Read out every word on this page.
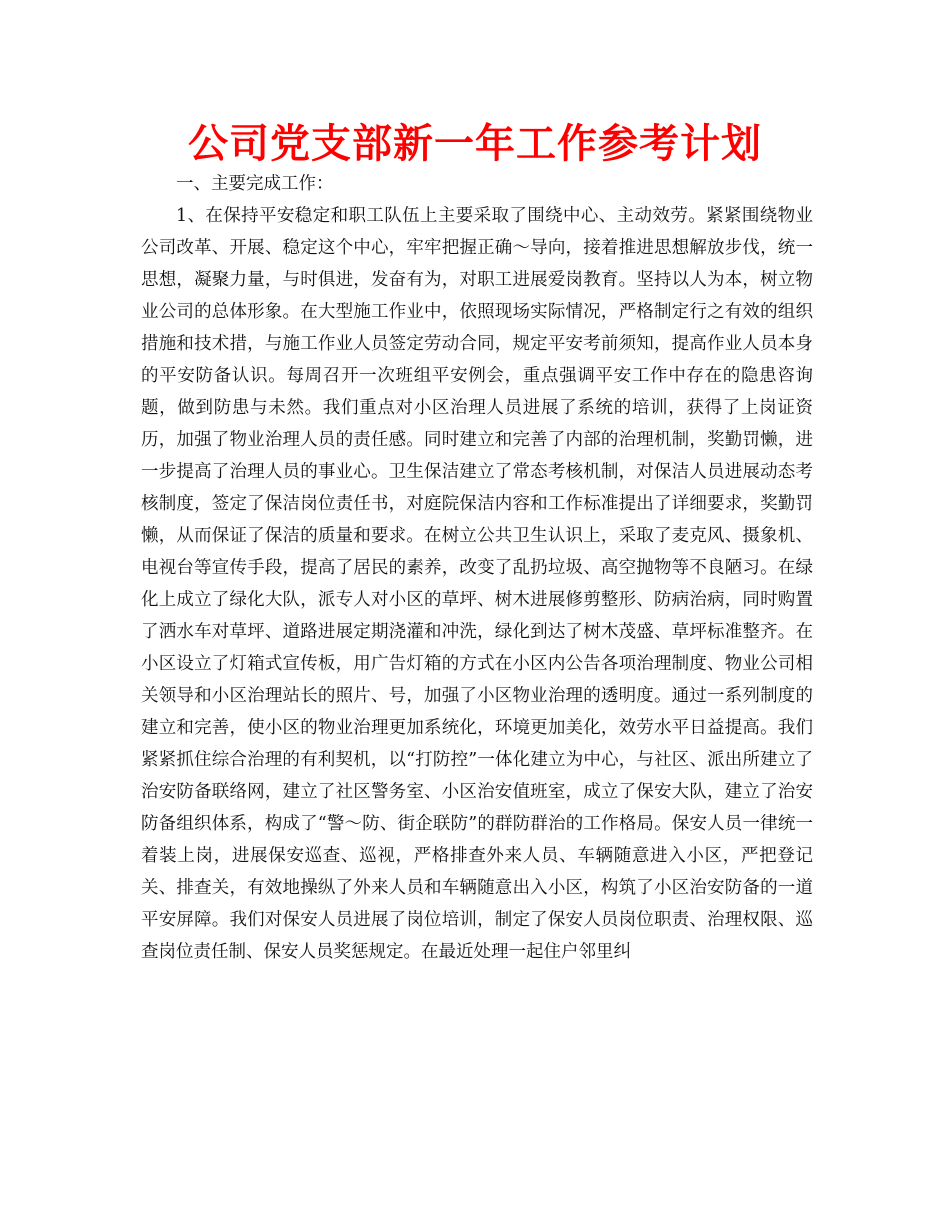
公司党支部新一年工作参考计划

一、主要完成工作：

1、在保持平安稳定和职工队伍上主要采取了围绕中心、主动效劳。紧紧围绕物业公司改革、开展、稳定这个中心，牢牢把握正确～导向，接着推进思想解放步伐，统一思想，凝聚力量，与时俱进，发奋有为，对职工进展爱岗教育。坚持以人为本，树立物业公司的总体形象。在大型施工作业中，依照现场实际情况，严格制定行之有效的组织措施和技术措，与施工作业人员签定劳动合同，规定平安考前须知，提高作业人员本身的平安防备认识。每周召开一次班组平安例会，重点强调平安工作中存在的隐患咨询题，做到防患与未然。我们重点对小区治理人员进展了系统的培训，获得了上岗证资历，加强了物业治理人员的责任感。同时建立和完善了内部的治理机制，奖勤罚懒，进一步提高了治理人员的事业心。卫生保洁建立了常态考核机制，对保洁人员进展动态考核制度，签定了保洁岗位责任书，对庭院保洁内容和工作标准提出了详细要求，奖勤罚懒，从而保证了保洁的质量和要求。在树立公共卫生认识上，采取了麦克风、摄象机、电视台等宣传手段，提高了居民的素养，改变了乱扔垃圾、高空抛物等不良陋习。在绿化上成立了绿化大队，派专人对小区的草坪、树木进展修剪整形、防病治病，同时购置了洒水车对草坪、道路进展定期浇灌和冲洗，绿化到达了树木茂盛、草坪标准整齐。在小区设立了灯箱式宣传板，用广告灯箱的方式在小区内公告各项治理制度、物业公司相关领导和小区治理站长的照片、号，加强了小区物业治理的透明度。通过一系列制度的建立和完善，使小区的物业治理更加系统化，环境更加美化，效劳水平日益提高。我们紧紧抓住综合治理的有利契机，以“打防控”一体化建立为中心，与社区、派出所建立了治安防备联络网，建立了社区警务室、小区治安值班室，成立了保安大队，建立了治安防备组织体系，构成了“警～防、街企联防”的群防群治的工作格局。保安人员一律统一着装上岗，进展保安巡查、巡视，严格排查外来人员、车辆随意进入小区，严把登记关、排查关，有效地操纵了外来人员和车辆随意出入小区，构筑了小区治安防备的一道平安屏障。我们对保安人员进展了岗位培训，制定了保安人员岗位职责、治理权限、巡查岗位责任制、保安人员奖惩规定。在最近处理一起住户邻里纠
